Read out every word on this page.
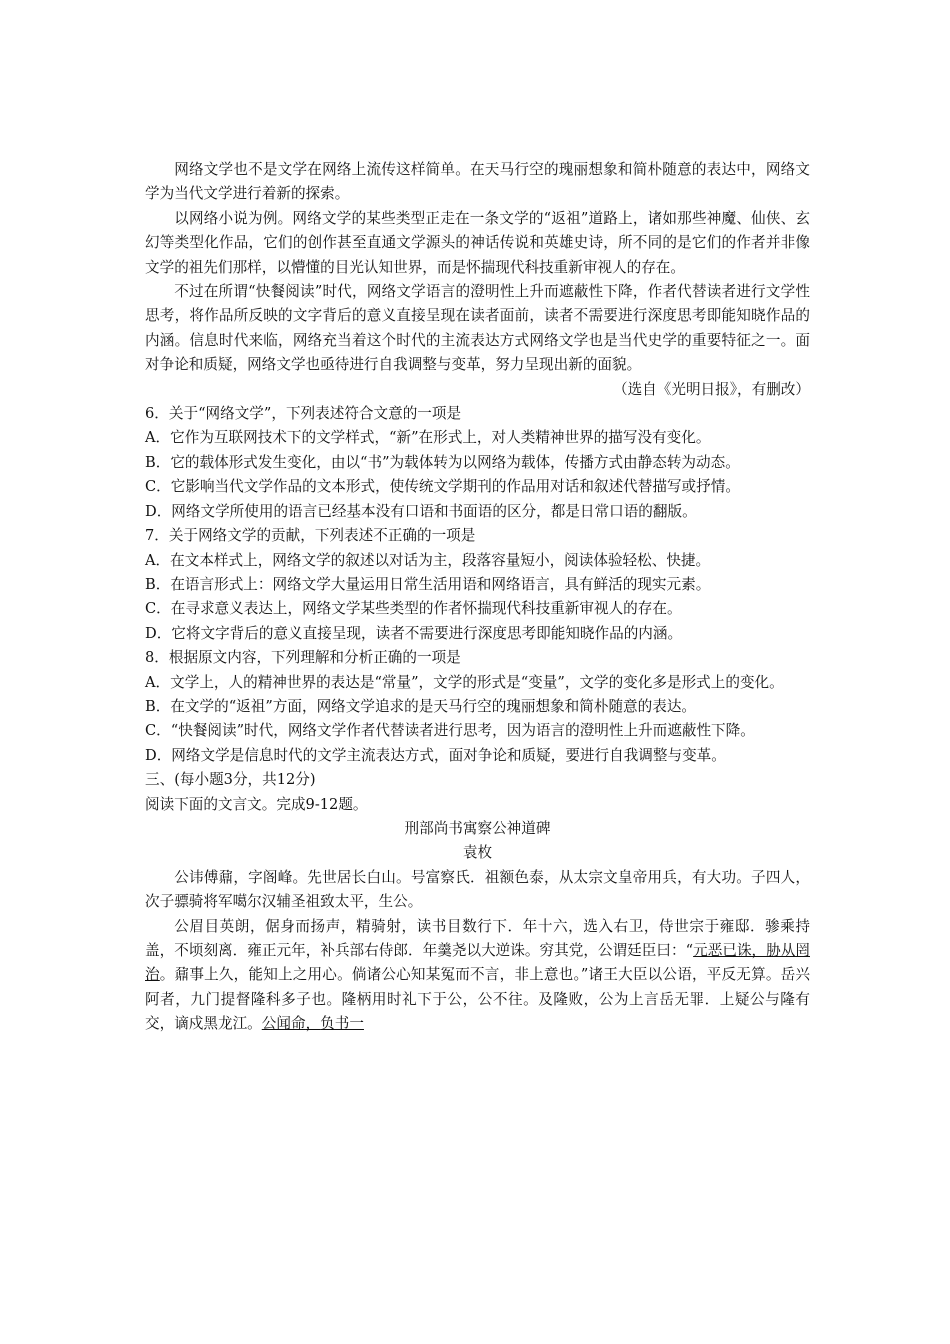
网络文学也不是文学在网络上流传这样简单。在天马行空的瑰丽想象和简朴随意的表达中，网络文学为当代文学进行着新的探索。

以网络小说为例。网络文学的某些类型正走在一条文学的“返祖”道路上，诸如那些神魔、仙侠、玄幻等类型化作品，它们的创作甚至直通文学源头的神话传说和英雄史诗，所不同的是它们的作者并非像文学的祖先们那样，以懵懂的目光认知世界，而是怀揣现代科技重新审视人的存在。

不过在所谓“快餐阅读”时代，网络文学语言的澄明性上升而遮蔽性下降，作者代替读者进行文学性思考，将作品所反映的文字背后的意义直接呈现在读者面前，读者不需要进行深度思考即能知晓作品的内涵。信息时代来临，网络充当着这个时代的主流表达方式网络文学也是当代史学的重要特征之一。面对争论和质疑，网络文学也亟待进行自我调整与变革，努力呈现出新的面貌。

（选自《光明日报》，有删改）

6．关于“网络文学”，下列表述符合文意的一项是

A．它作为互联网技术下的文学样式，“新”在形式上，对人类精神世界的描写没有变化。

B．它的载体形式发生变化，由以“书”为载体转为以网络为载体，传播方式由静态转为动态。

C．它影响当代文学作品的文本形式，使传统文学期刊的作品用对话和叙述代替描写或抒情。

D．网络文学所使用的语言已经基本没有口语和书面语的区分，都是日常口语的翻版。

7．关于网络文学的贡献，下列表述不正确的一项是

A．在文本样式上，网络文学的叙述以对话为主，段落容量短小，阅读体验轻松、快捷。

B．在语言形式上：网络文学大量运用日常生活用语和网络语言，具有鲜活的现实元素。

C．在寻求意义表达上，网络文学某些类型的作者怀揣现代科技重新审视人的存在。

D．它将文字背后的意义直接呈现，读者不需要进行深度思考即能知晓作品的内涵。

8．根据原文内容，下列理解和分析正确的一项是

A．文学上，人的精神世界的表达是“常量”，文学的形式是“变量”，文学的变化多是形式上的变化。

B．在文学的“返祖”方面，网络文学追求的是天马行空的瑰丽想象和简朴随意的表达。

C．“快餐阅读”时代，网络文学作者代替读者进行思考，因为语言的澄明性上升而遮蔽性下降。

D．网络文学是信息时代的文学主流表达方式，面对争论和质疑，要进行自我调整与变革。

三、(每小题3分，共12分)

阅读下面的文言文。完成9-12题。

刑部尚书寓察公神道碑

袁枚

公讳傅鼐，字阁峰。先世居长白山。号富察氏．祖额色泰，从太宗文皇帝用兵，有大功。子四人，次子骠骑将军噶尔汉辅圣祖致太平，生公。

公眉目英朗，倨身而扬声，精骑射，读书目数行下．年十六，选入右卫，侍世宗于雍邸．骖乘持盖，不顷刻离．雍正元年，补兵部右侍郎．年羹尧以大逆诛。穷其党，公谓廷臣曰：“元恶已诛，胁从罔治。鼐事上久，能知上之用心。倘诸公心知某冤而不言，非上意也。”诸王大臣以公语，平反无算。岳兴阿者，九门提督隆科多子也。隆柄用时礼下于公，公不往。及隆败，公为上言岳无罪．上疑公与隆有交，谪戍黑龙江。公闻命，负书一
